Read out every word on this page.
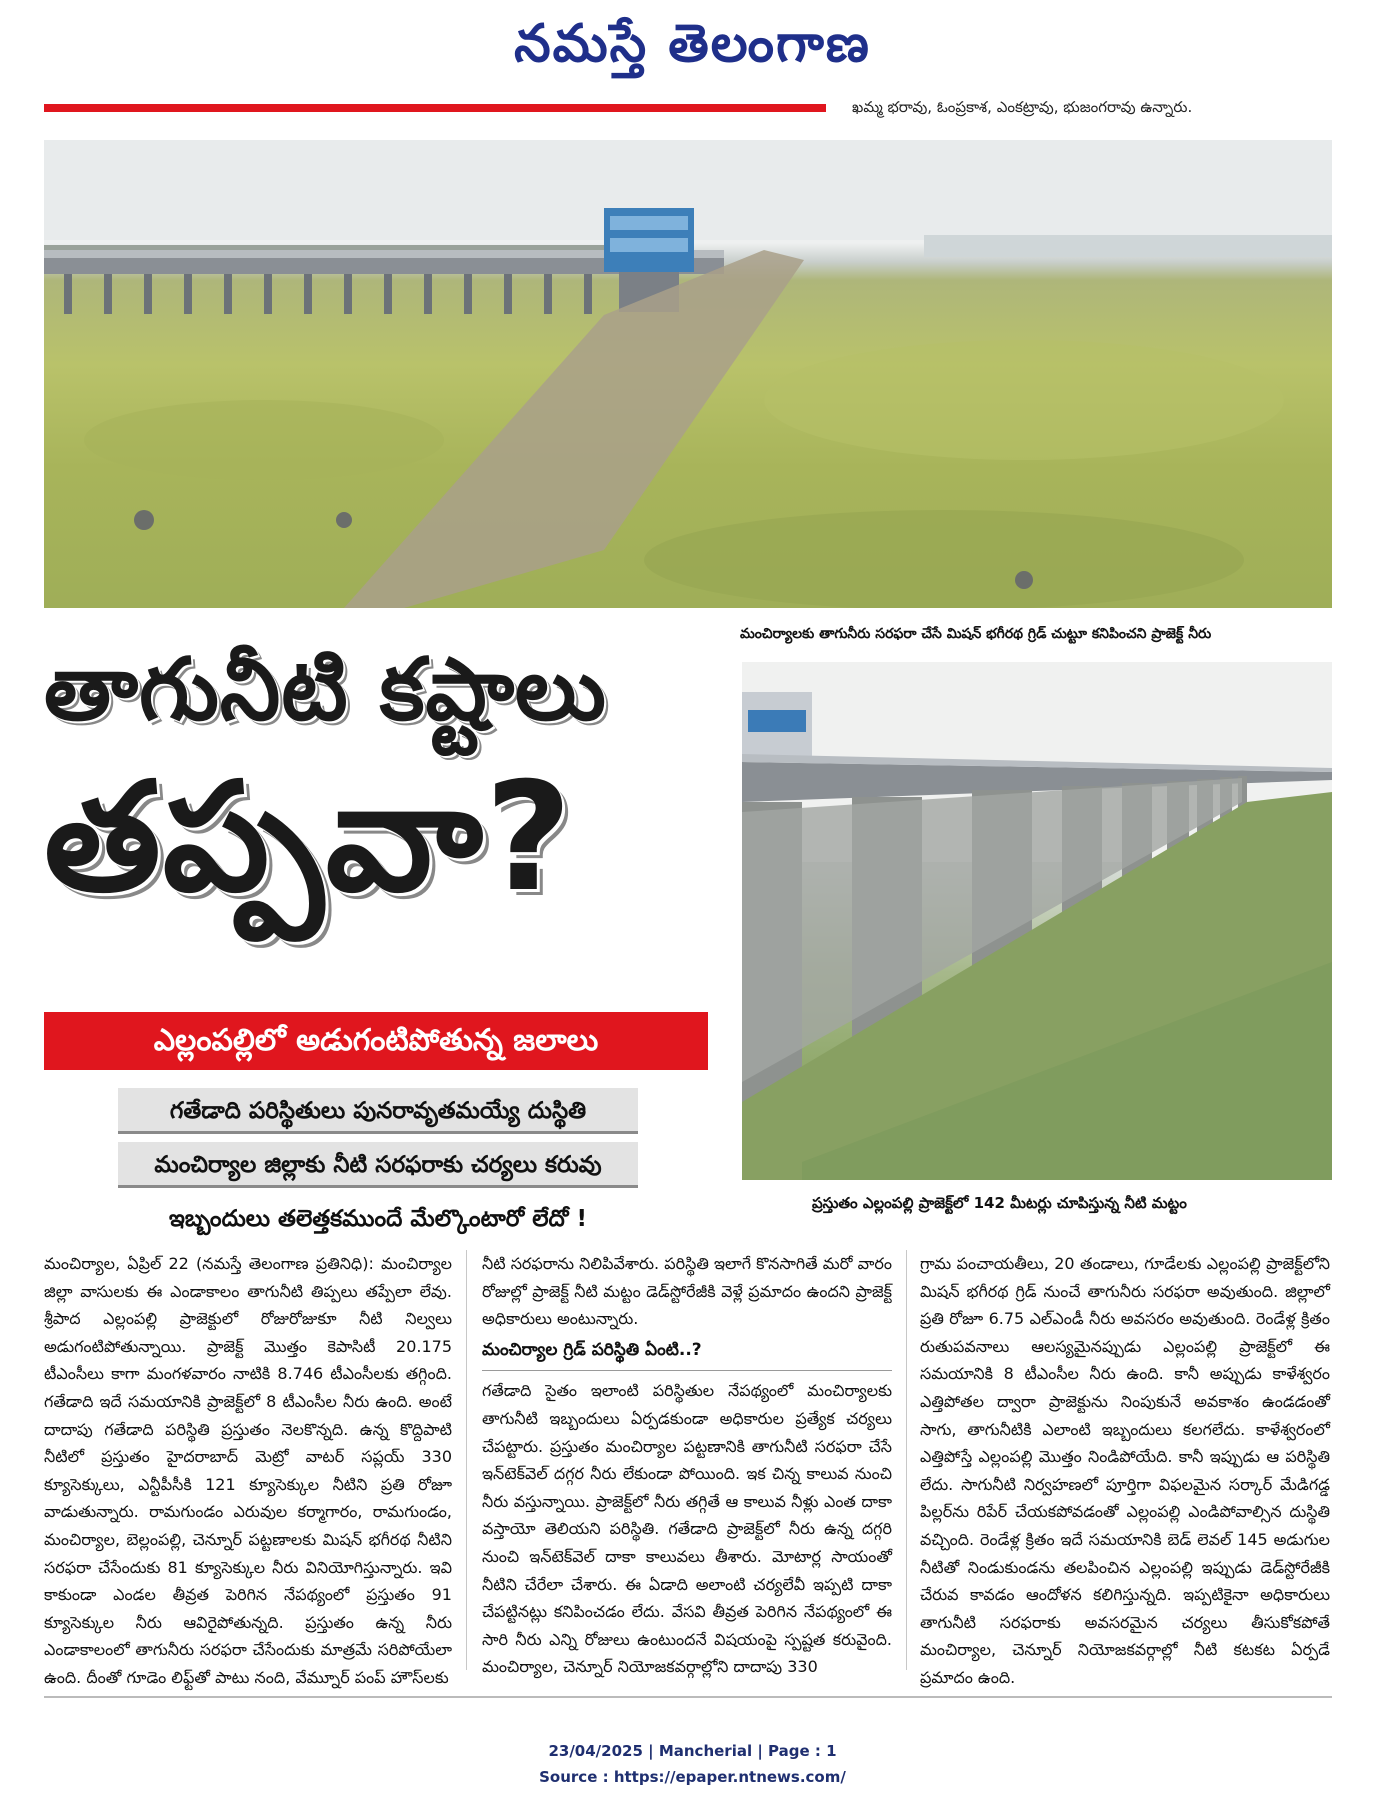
నమస్తే తెలంగాణ
ఖమ్మ భరావు, ఓంప్రకాశ, ఎంకట్రావు, భుజంగరావు ఉన్నారు.
మంచిర్యాలకు తాగునీరు సరఫరా చేసే మిషన్ భగీరథ గ్రిడ్ చుట్టూ కనిపించని ప్రాజెక్ట్ నీరు
తాగునీటి కష్టాలు
తప్పవా?
ఎల్లంపల్లిలో అడుగంటిపోతున్న జలాలు
గతేడాది పరిస్థితులు పునరావృతమయ్యే దుస్థితి
మంచిర్యాల జిల్లాకు నీటి సరఫరాకు చర్యలు కరువు
ఇబ్బందులు తలెత్తకముందే మేల్కొంటారో లేదో !
ప్రస్తుతం ఎల్లంపల్లి ప్రాజెక్ట్‌లో 142 మీటర్లు చూపిస్తున్న నీటి మట్టం
మంచిర్యాల, ఏప్రిల్ 22 (నమస్తే తెలంగాణ ప్రతినిధి): మంచిర్యాల జిల్లా వాసులకు ఈ ఎండాకాలం తాగునీటి తిప్పలు తప్పేలా లేవు. శ్రీపాద ఎల్లంపల్లి ప్రాజెక్టులో రోజురోజుకూ నీటి నిల్వలు అడుగంటిపోతున్నాయి. ప్రాజెక్ట్ మొత్తం కెపాసిటీ 20.175 టీఎంసీలు కాగా మంగళవారం నాటికి 8.746 టీఎంసీలకు తగ్గింది. గతేడాది ఇదే సమయానికి ప్రాజెక్ట్‌లో 8 టీఎంసీల నీరు ఉంది. అంటే దాదాపు గతేడాది పరిస్థితి ప్రస్తుతం నెలకొన్నది. ఉన్న కొద్దిపాటి నీటిలో ప్రస్తుతం హైదరాబాద్ మెట్రో వాటర్ సప్లయ్ 330 క్యూసెక్కులు, ఎన్టీపీసీకి 121 క్యూసెక్కుల నీటిని ప్రతి రోజూ వాడుతున్నారు. రామగుండం ఎరువుల కర్మాగారం, రామగుండం, మంచిర్యాల, బెల్లంపల్లి, చెన్నూర్ పట్టణాలకు మిషన్ భగీరథ నీటిని సరఫరా చేసేందుకు 81 క్యూసెక్కుల నీరు వినియోగిస్తున్నారు. ఇవి కాకుండా ఎండల తీవ్రత పెరిగిన నేపథ్యంలో ప్రస్తుతం 91 క్యూసెక్కుల నీరు ఆవిరైపోతున్నది. ప్రస్తుతం ఉన్న నీరు ఎండాకాలంలో తాగునీరు సరఫరా చేసేందుకు మాత్రమే సరిపోయేలా ఉంది. దీంతో గూడెం లిఫ్ట్‌తో పాటు నంది, వేమ్నూర్ పంప్ హౌస్‌లకు
నీటి సరఫరాను నిలిపివేశారు. పరిస్థితి ఇలాగే కొనసాగితే మరో వారం రోజుల్లో ప్రాజెక్ట్ నీటి మట్టం డెడ్‌స్టోరేజీకి వెళ్లే ప్రమాదం ఉందని ప్రాజెక్ట్ అధికారులు అంటున్నారు.
మంచిర్యాల గ్రిడ్ పరిస్థితి ఏంటి..?
గతేడాది సైతం ఇలాంటి పరిస్థితుల నేపథ్యంలో మంచిర్యాలకు తాగునీటి ఇబ్బందులు ఏర్పడకుండా అధికారుల ప్రత్యేక చర్యలు చేపట్టారు. ప్రస్తుతం మంచిర్యాల పట్టణానికి తాగునీటి సరఫరా చేసే ఇన్‌టెక్‌వెల్ దగ్గర నీరు లేకుండా పోయింది. ఇక చిన్న కాలువ నుంచి నీరు వస్తున్నాయి. ప్రాజెక్ట్‌లో నీరు తగ్గితే ఆ కాలువ నీళ్లు ఎంత దాకా వస్తాయో తెలియని పరిస్థితి. గతేడాది ప్రాజెక్ట్‌లో నీరు ఉన్న దగ్గరి నుంచి ఇన్‌టెక్‌వెల్ దాకా కాలువలు తీశారు. మోటార్ల సాయంతో నీటిని చేరేలా చేశారు. ఈ ఏడాది అలాంటి చర్యలేవీ ఇప్పటి దాకా చేపట్టినట్లు కనిపించడం లేదు. వేసవి తీవ్రత పెరిగిన నేపథ్యంలో ఈ సారి నీరు ఎన్ని రోజులు ఉంటుందనే విషయంపై స్పష్టత కరువైంది. మంచిర్యాల, చెన్నూర్ నియోజకవర్గాల్లోని దాదాపు 330
గ్రామ పంచాయతీలు, 20 తండాలు, గూడేలకు ఎల్లంపల్లి ప్రాజెక్ట్‌లోని మిషన్ భగీరథ గ్రిడ్ నుంచే తాగునీరు సరఫరా అవుతుంది. జిల్లాలో ప్రతి రోజూ 6.75 ఎల్ఎండీ నీరు అవసరం అవుతుంది. రెండేళ్ల క్రితం రుతుపవనాలు ఆలస్యమైనప్పుడు ఎల్లంపల్లి ప్రాజెక్ట్‌లో ఈ సమయానికి 8 టీఎంసీల నీరు ఉంది. కానీ అప్పుడు కాళేశ్వరం ఎత్తిపోతల ద్వారా ప్రాజెక్టును నింపుకునే అవకాశం ఉండడంతో సాగు, తాగునీటికి ఎలాంటి ఇబ్బందులు కలగలేదు. కాళేశ్వరంలో ఎత్తిపోస్తే ఎల్లంపల్లి మొత్తం నిండిపోయేది. కానీ ఇప్పుడు ఆ పరిస్థితి లేదు. సాగునీటి నిర్వహణలో పూర్తిగా విఫలమైన సర్కార్ మేడిగడ్డ పిల్లర్‌ను రిపేర్ చేయకపోవడంతో ఎల్లంపల్లి ఎండిపోవాల్సిన దుస్థితి వచ్చింది. రెండేళ్ల క్రితం ఇదే సమయానికి బెడ్ లెవల్ 145 అడుగుల నీటితో నిండుకుండను తలపించిన ఎల్లంపల్లి ఇప్పుడు డెడ్‌స్టోరేజీకి చేరువ కావడం ఆందోళన కలిగిస్తున్నది. ఇప్పటికైనా అధికారులు తాగునీటి సరఫరాకు అవసరమైన చర్యలు తీసుకోకపోతే మంచిర్యాల, చెన్నూర్ నియోజకవర్గాల్లో నీటి కటకట ఏర్పడే ప్రమాదం ఉంది.
23/04/2025 | Mancherial | Page : 1
Source : https://epaper.ntnews.com/
